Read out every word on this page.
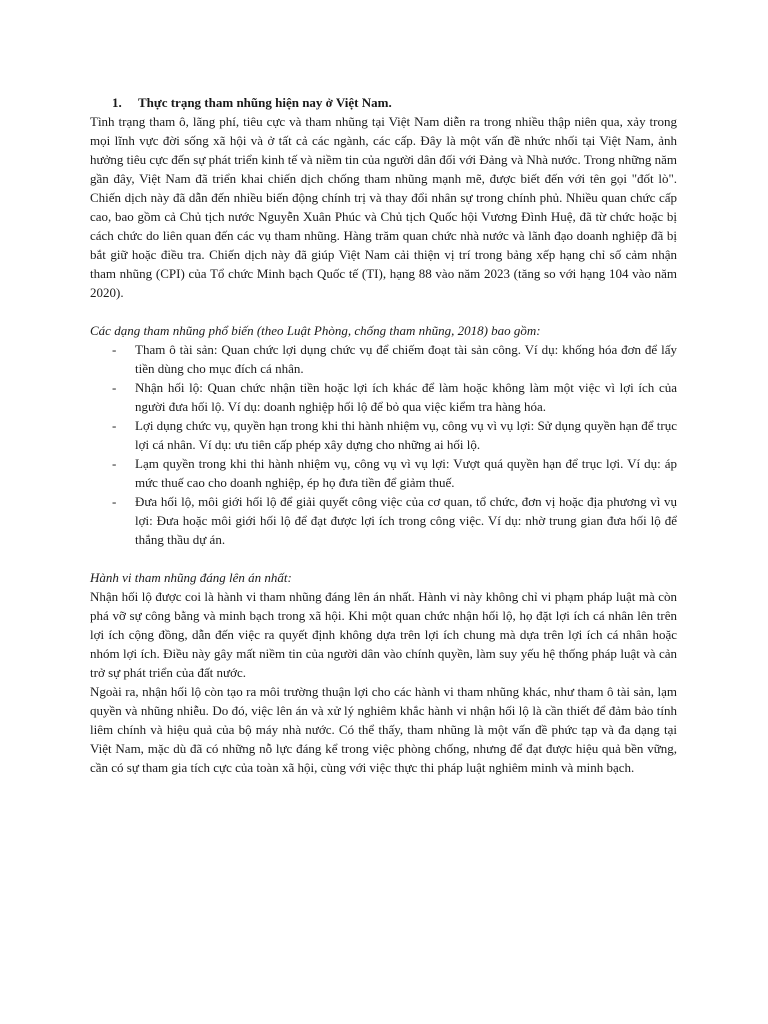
1. Thực trạng tham nhũng hiện nay ở Việt Nam.

Tình trạng tham ô, lãng phí, tiêu cực và tham nhũng tại Việt Nam diễn ra trong nhiều thập niên qua, xảy trong mọi lĩnh vực đời sống xã hội và ở tất cả các ngành, các cấp. Đây là một vấn đề nhức nhối tại Việt Nam, ảnh hưởng tiêu cực đến sự phát triển kinh tế và niềm tin của người dân đối với Đảng và Nhà nước. Trong những năm gần đây, Việt Nam đã triển khai chiến dịch chống tham nhũng mạnh mẽ, được biết đến với tên gọi "đốt lò". Chiến dịch này đã dẫn đến nhiều biến động chính trị và thay đổi nhân sự trong chính phủ. Nhiều quan chức cấp cao, bao gồm cả Chủ tịch nước Nguyễn Xuân Phúc và Chủ tịch Quốc hội Vương Đình Huệ, đã từ chức hoặc bị cách chức do liên quan đến các vụ tham nhũng. Hàng trăm quan chức nhà nước và lãnh đạo doanh nghiệp đã bị bắt giữ hoặc điều tra. Chiến dịch này đã giúp Việt Nam cải thiện vị trí trong bảng xếp hạng chỉ số cảm nhận tham nhũng (CPI) của Tổ chức Minh bạch Quốc tế (TI), hạng 88 vào năm 2023 (tăng so với hạng 104 vào năm 2020).

Các dạng tham nhũng phổ biến (theo Luật Phòng, chống tham nhũng, 2018) bao gồm:

- Tham ô tài sản: Quan chức lợi dụng chức vụ để chiếm đoạt tài sản công. Ví dụ: khống hóa đơn để lấy tiền dùng cho mục đích cá nhân.
- Nhận hối lộ: Quan chức nhận tiền hoặc lợi ích khác để làm hoặc không làm một việc vì lợi ích của người đưa hối lộ. Ví dụ: doanh nghiệp hối lộ để bỏ qua việc kiểm tra hàng hóa.
- Lợi dụng chức vụ, quyền hạn trong khi thi hành nhiệm vụ, công vụ vì vụ lợi: Sử dụng quyền hạn để trục lợi cá nhân. Ví dụ: ưu tiên cấp phép xây dựng cho những ai hối lộ.
- Lạm quyền trong khi thi hành nhiệm vụ, công vụ vì vụ lợi: Vượt quá quyền hạn để trục lợi. Ví dụ: áp mức thuế cao cho doanh nghiệp, ép họ đưa tiền để giảm thuế.
- Đưa hối lộ, môi giới hối lộ để giải quyết công việc của cơ quan, tổ chức, đơn vị hoặc địa phương vì vụ lợi: Đưa hoặc môi giới hối lộ để đạt được lợi ích trong công việc. Ví dụ: nhờ trung gian đưa hối lộ để thắng thầu dự án.

Hành vi tham nhũng đáng lên án nhất:

Nhận hối lộ được coi là hành vi tham nhũng đáng lên án nhất. Hành vi này không chỉ vi phạm pháp luật mà còn phá vỡ sự công bằng và minh bạch trong xã hội. Khi một quan chức nhận hối lộ, họ đặt lợi ích cá nhân lên trên lợi ích cộng đồng, dẫn đến việc ra quyết định không dựa trên lợi ích chung mà dựa trên lợi ích cá nhân hoặc nhóm lợi ích. Điều này gây mất niềm tin của người dân vào chính quyền, làm suy yếu hệ thống pháp luật và cản trở sự phát triển của đất nước.

Ngoài ra, nhận hối lộ còn tạo ra môi trường thuận lợi cho các hành vi tham nhũng khác, như tham ô tài sản, lạm quyền và nhũng nhiễu. Do đó, việc lên án và xử lý nghiêm khắc hành vi nhận hối lộ là cần thiết để đảm bảo tính liêm chính và hiệu quả của bộ máy nhà nước. Có thể thấy, tham nhũng là một vấn đề phức tạp và đa dạng tại Việt Nam, mặc dù đã có những nỗ lực đáng kể trong việc phòng chống, nhưng để đạt được hiệu quả bền vững, cần có sự tham gia tích cực của toàn xã hội, cùng với việc thực thi pháp luật nghiêm minh và minh bạch.
